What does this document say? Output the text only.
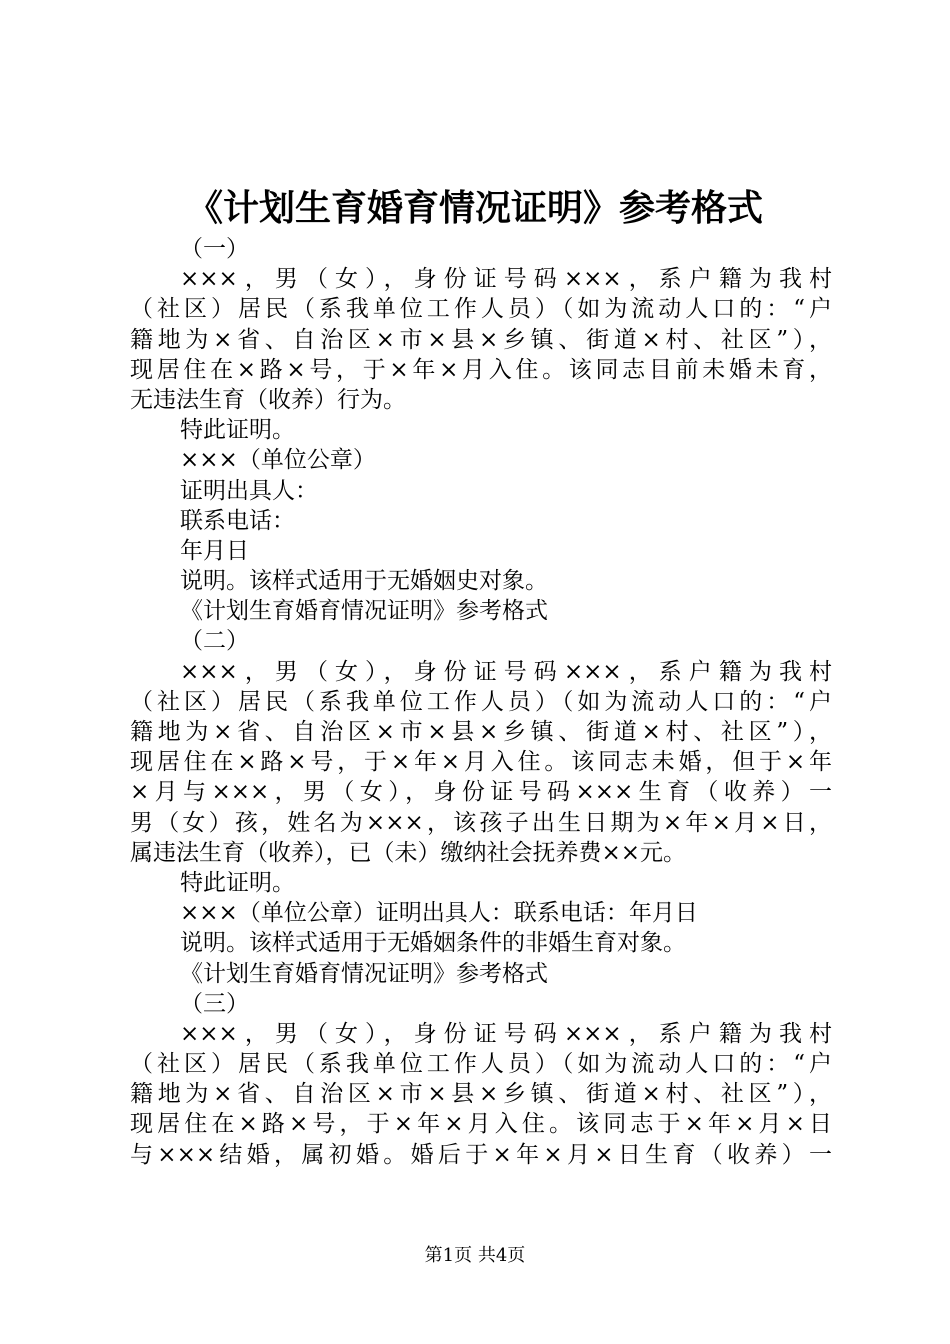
《计划生育婚育情况证明》参考格式
（一）
×××，男（女），身份证号码×××，系户籍为我村
（社区）居民（系我单位工作人员）（如为流动人口的：“户
籍地为×省、自治区×市×县×乡镇、街道×村、社区”），
现居住在×路×号，于×年×月入住。该同志目前未婚未育，
无违法生育（收养）行为。
特此证明。
×××（单位公章）
证明出具人：
联系电话：
年月日
说明。该样式适用于无婚姻史对象。
《计划生育婚育情况证明》参考格式
（二）
×××，男（女），身份证号码×××，系户籍为我村
（社区）居民（系我单位工作人员）（如为流动人口的：“户
籍地为×省、自治区×市×县×乡镇、街道×村、社区”），
现居住在×路×号，于×年×月入住。该同志未婚，但于×年
×月与×××，男（女），身份证号码×××生育（收养）一
男（女）孩，姓名为×××，该孩子出生日期为×年×月×日，
属违法生育（收养），已（未）缴纳社会抚养费××元。
特此证明。
×××（单位公章）证明出具人：联系电话：年月日
说明。该样式适用于无婚姻条件的非婚生育对象。
《计划生育婚育情况证明》参考格式
（三）
×××，男（女），身份证号码×××，系户籍为我村
（社区）居民（系我单位工作人员）（如为流动人口的：“户
籍地为×省、自治区×市×县×乡镇、街道×村、社区”），
现居住在×路×号，于×年×月入住。该同志于×年×月×日
与×××结婚，属初婚。婚后于×年×月×日生育（收养）一
第1页 共4页
